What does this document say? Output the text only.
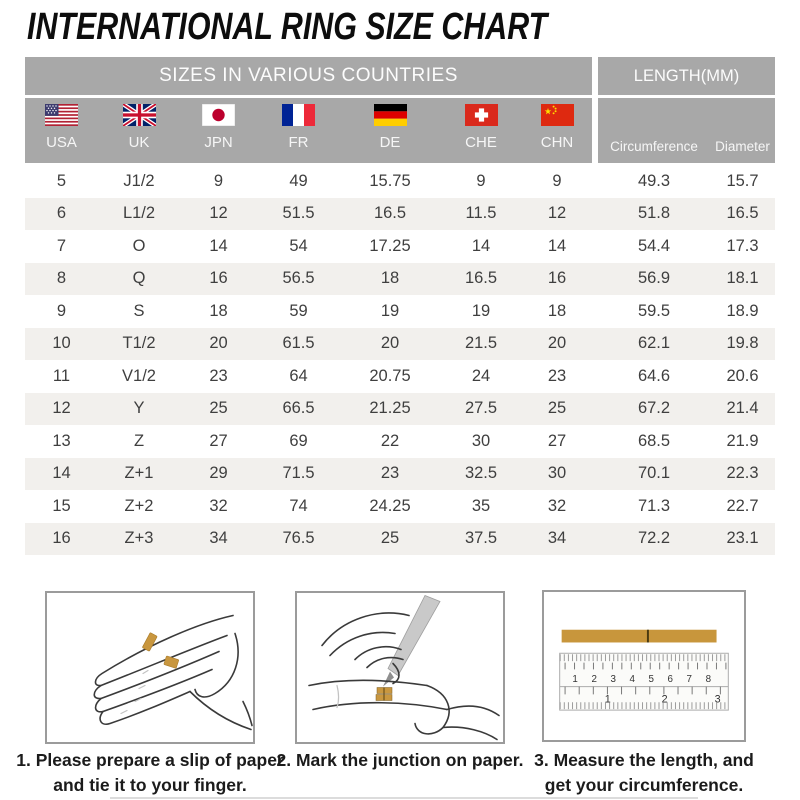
INTERNATIONAL RING SIZE CHART
SIZES IN VARIOUS COUNTRIES	LENGTH(MM)
USA	UK	JPN	FR	DE	CHE	CHN	Circumference	Diameter
5	J1/2	9	49	15.75	9	9	49.3	15.7
6	L1/2	12	51.5	16.5	11.5	12	51.8	16.5
7	O	14	54	17.25	14	14	54.4	17.3
8	Q	16	56.5	18	16.5	16	56.9	18.1
9	S	18	59	19	19	18	59.5	18.9
10	T1/2	20	61.5	20	21.5	20	62.1	19.8
11	V1/2	23	64	20.75	24	23	64.6	20.6
12	Y	25	66.5	21.25	27.5	25	67.2	21.4
13	Z	27	69	22	30	27	68.5	21.9
14	Z+1	29	71.5	23	32.5	30	70.1	22.3
15	Z+2	32	74	24.25	35	32	71.3	22.7
16	Z+3	34	76.5	25	37.5	34	72.2	23.1
1 2 3 4 5 6 7 8
1	2	3
1. Please prepare a slip of paper
and tie it to your finger.
2. Mark the junction on paper. 3. Measure the length, and
get your circumference.
